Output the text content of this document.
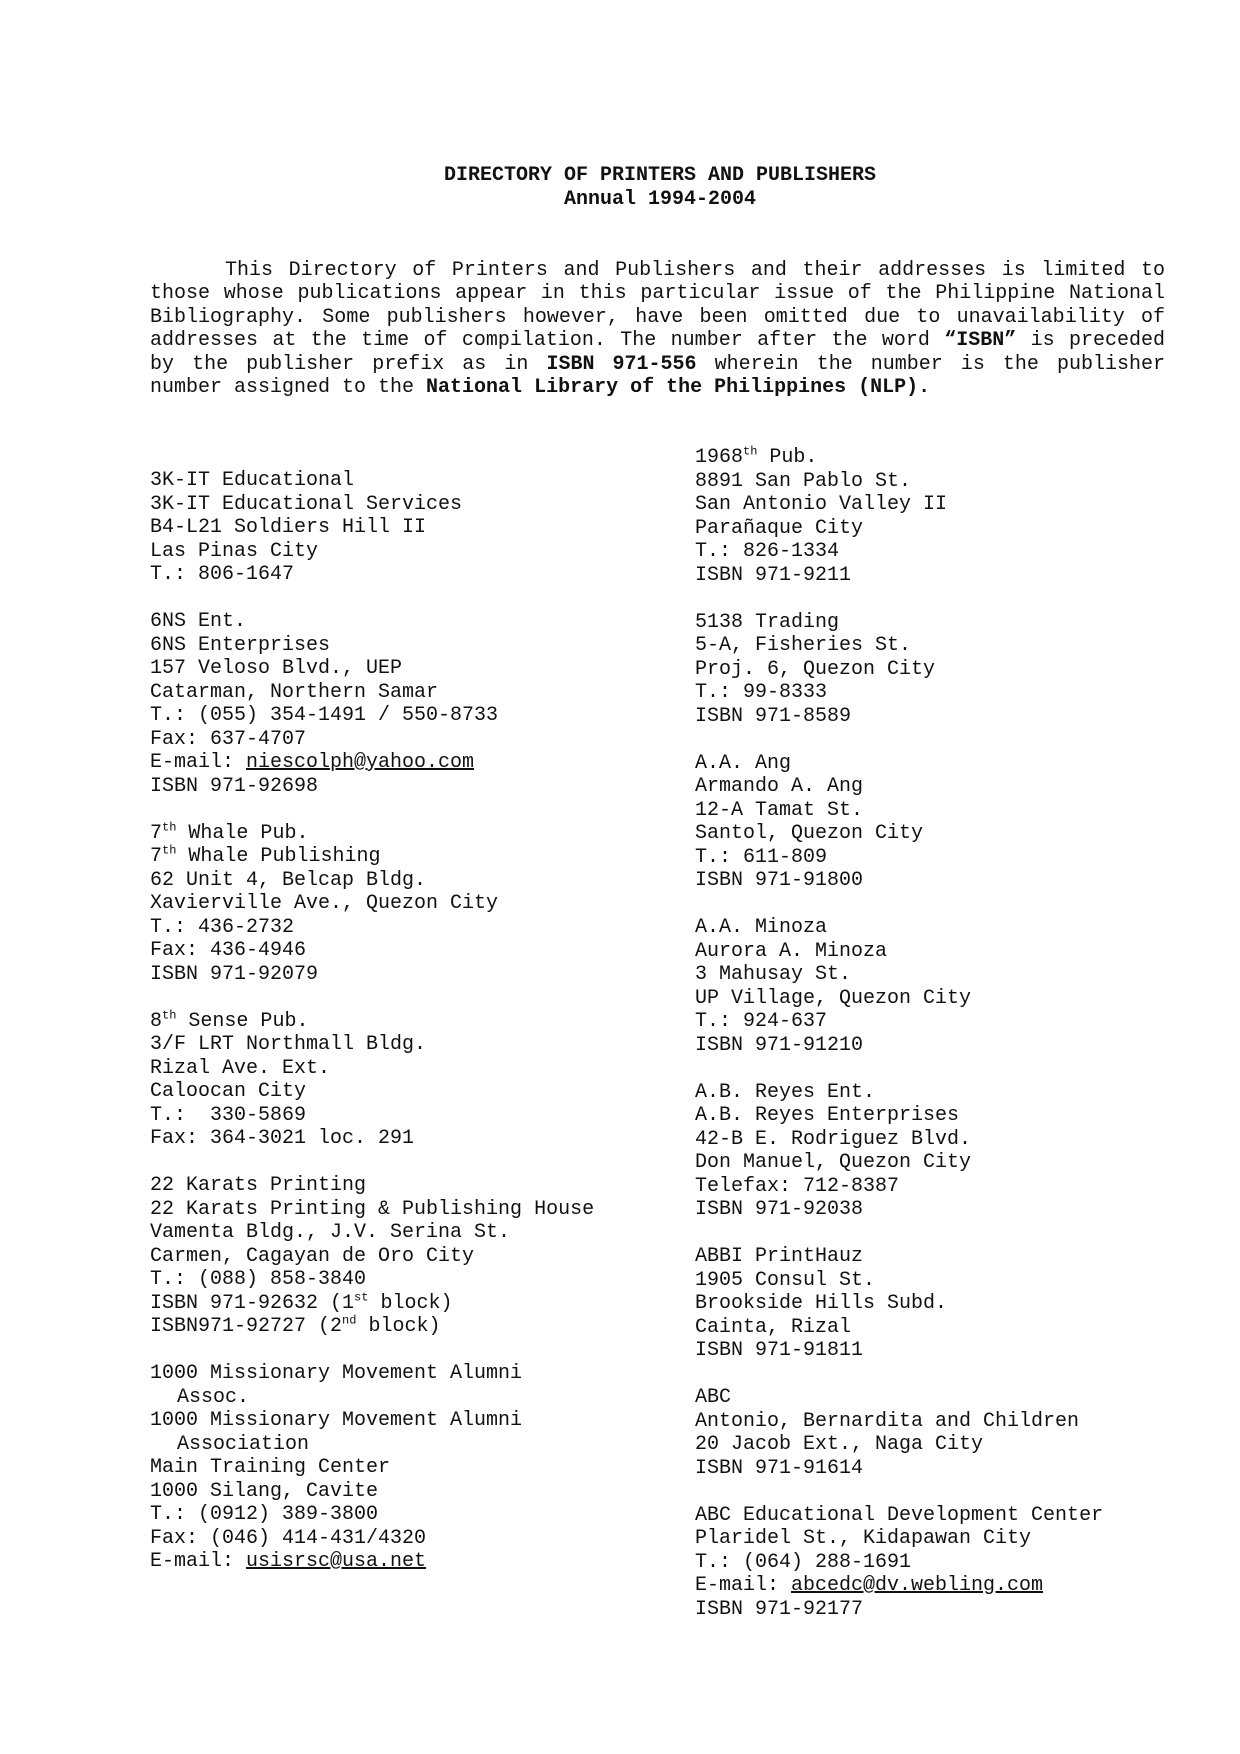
DIRECTORY OF PRINTERS AND PUBLISHERS
Annual 1994-2004
This Directory of Printers and Publishers and their addresses is limited to those whose publications appear in this particular issue of the Philippine National Bibliography. Some publishers however, have been omitted due to unavailability of addresses at the time of compilation. The number after the word “ISBN” is preceded by the publisher prefix as in ISBN 971-556 wherein the number is the publisher number assigned to the National Library of the Philippines (NLP).
3K-IT Educational
3K-IT Educational Services
B4-L21 Soldiers Hill II
Las Pinas City
T.: 806-1647
6NS Ent.
6NS Enterprises
157 Veloso Blvd., UEP
Catarman, Northern Samar
T.: (055) 354-1491 / 550-8733
Fax: 637-4707
E-mail: niescolph@yahoo.com
ISBN 971-92698
7th Whale Pub.
7th Whale Publishing
62 Unit 4, Belcap Bldg.
Xavierville Ave., Quezon City
T.: 436-2732
Fax: 436-4946
ISBN 971-92079
8th Sense Pub.
3/F LRT Northmall Bldg.
Rizal Ave. Ext.
Caloocan City
T.:  330-5869
Fax: 364-3021 loc. 291
22 Karats Printing
22 Karats Printing & Publishing House
Vamenta Bldg., J.V. Serina St.
Carmen, Cagayan de Oro City
T.: (088) 858-3840
ISBN 971-92632 (1st block)
ISBN971-92727 (2nd block)
1000 Missionary Movement Alumni
Assoc.
1000 Missionary Movement Alumni
Association
Main Training Center
1000 Silang, Cavite
T.: (0912) 389-3800
Fax: (046) 414-431/4320
E-mail: usisrsc@usa.net
1968th Pub.
8891 San Pablo St.
San Antonio Valley II
Parañaque City
T.: 826-1334
ISBN 971-9211
5138 Trading
5-A, Fisheries St.
Proj. 6, Quezon City
T.: 99-8333
ISBN 971-8589
A.A. Ang
Armando A. Ang
12-A Tamat St.
Santol, Quezon City
T.: 611-809
ISBN 971-91800
A.A. Minoza
Aurora A. Minoza
3 Mahusay St.
UP Village, Quezon City
T.: 924-637
ISBN 971-91210
A.B. Reyes Ent.
A.B. Reyes Enterprises
42-B E. Rodriguez Blvd.
Don Manuel, Quezon City
Telefax: 712-8387
ISBN 971-92038
ABBI PrintHauz
1905 Consul St.
Brookside Hills Subd.
Cainta, Rizal
ISBN 971-91811
ABC
Antonio, Bernardita and Children
20 Jacob Ext., Naga City
ISBN 971-91614
ABC Educational Development Center
Plaridel St., Kidapawan City
T.: (064) 288-1691
E-mail: abcedc@dv.webling.com
ISBN 971-92177
